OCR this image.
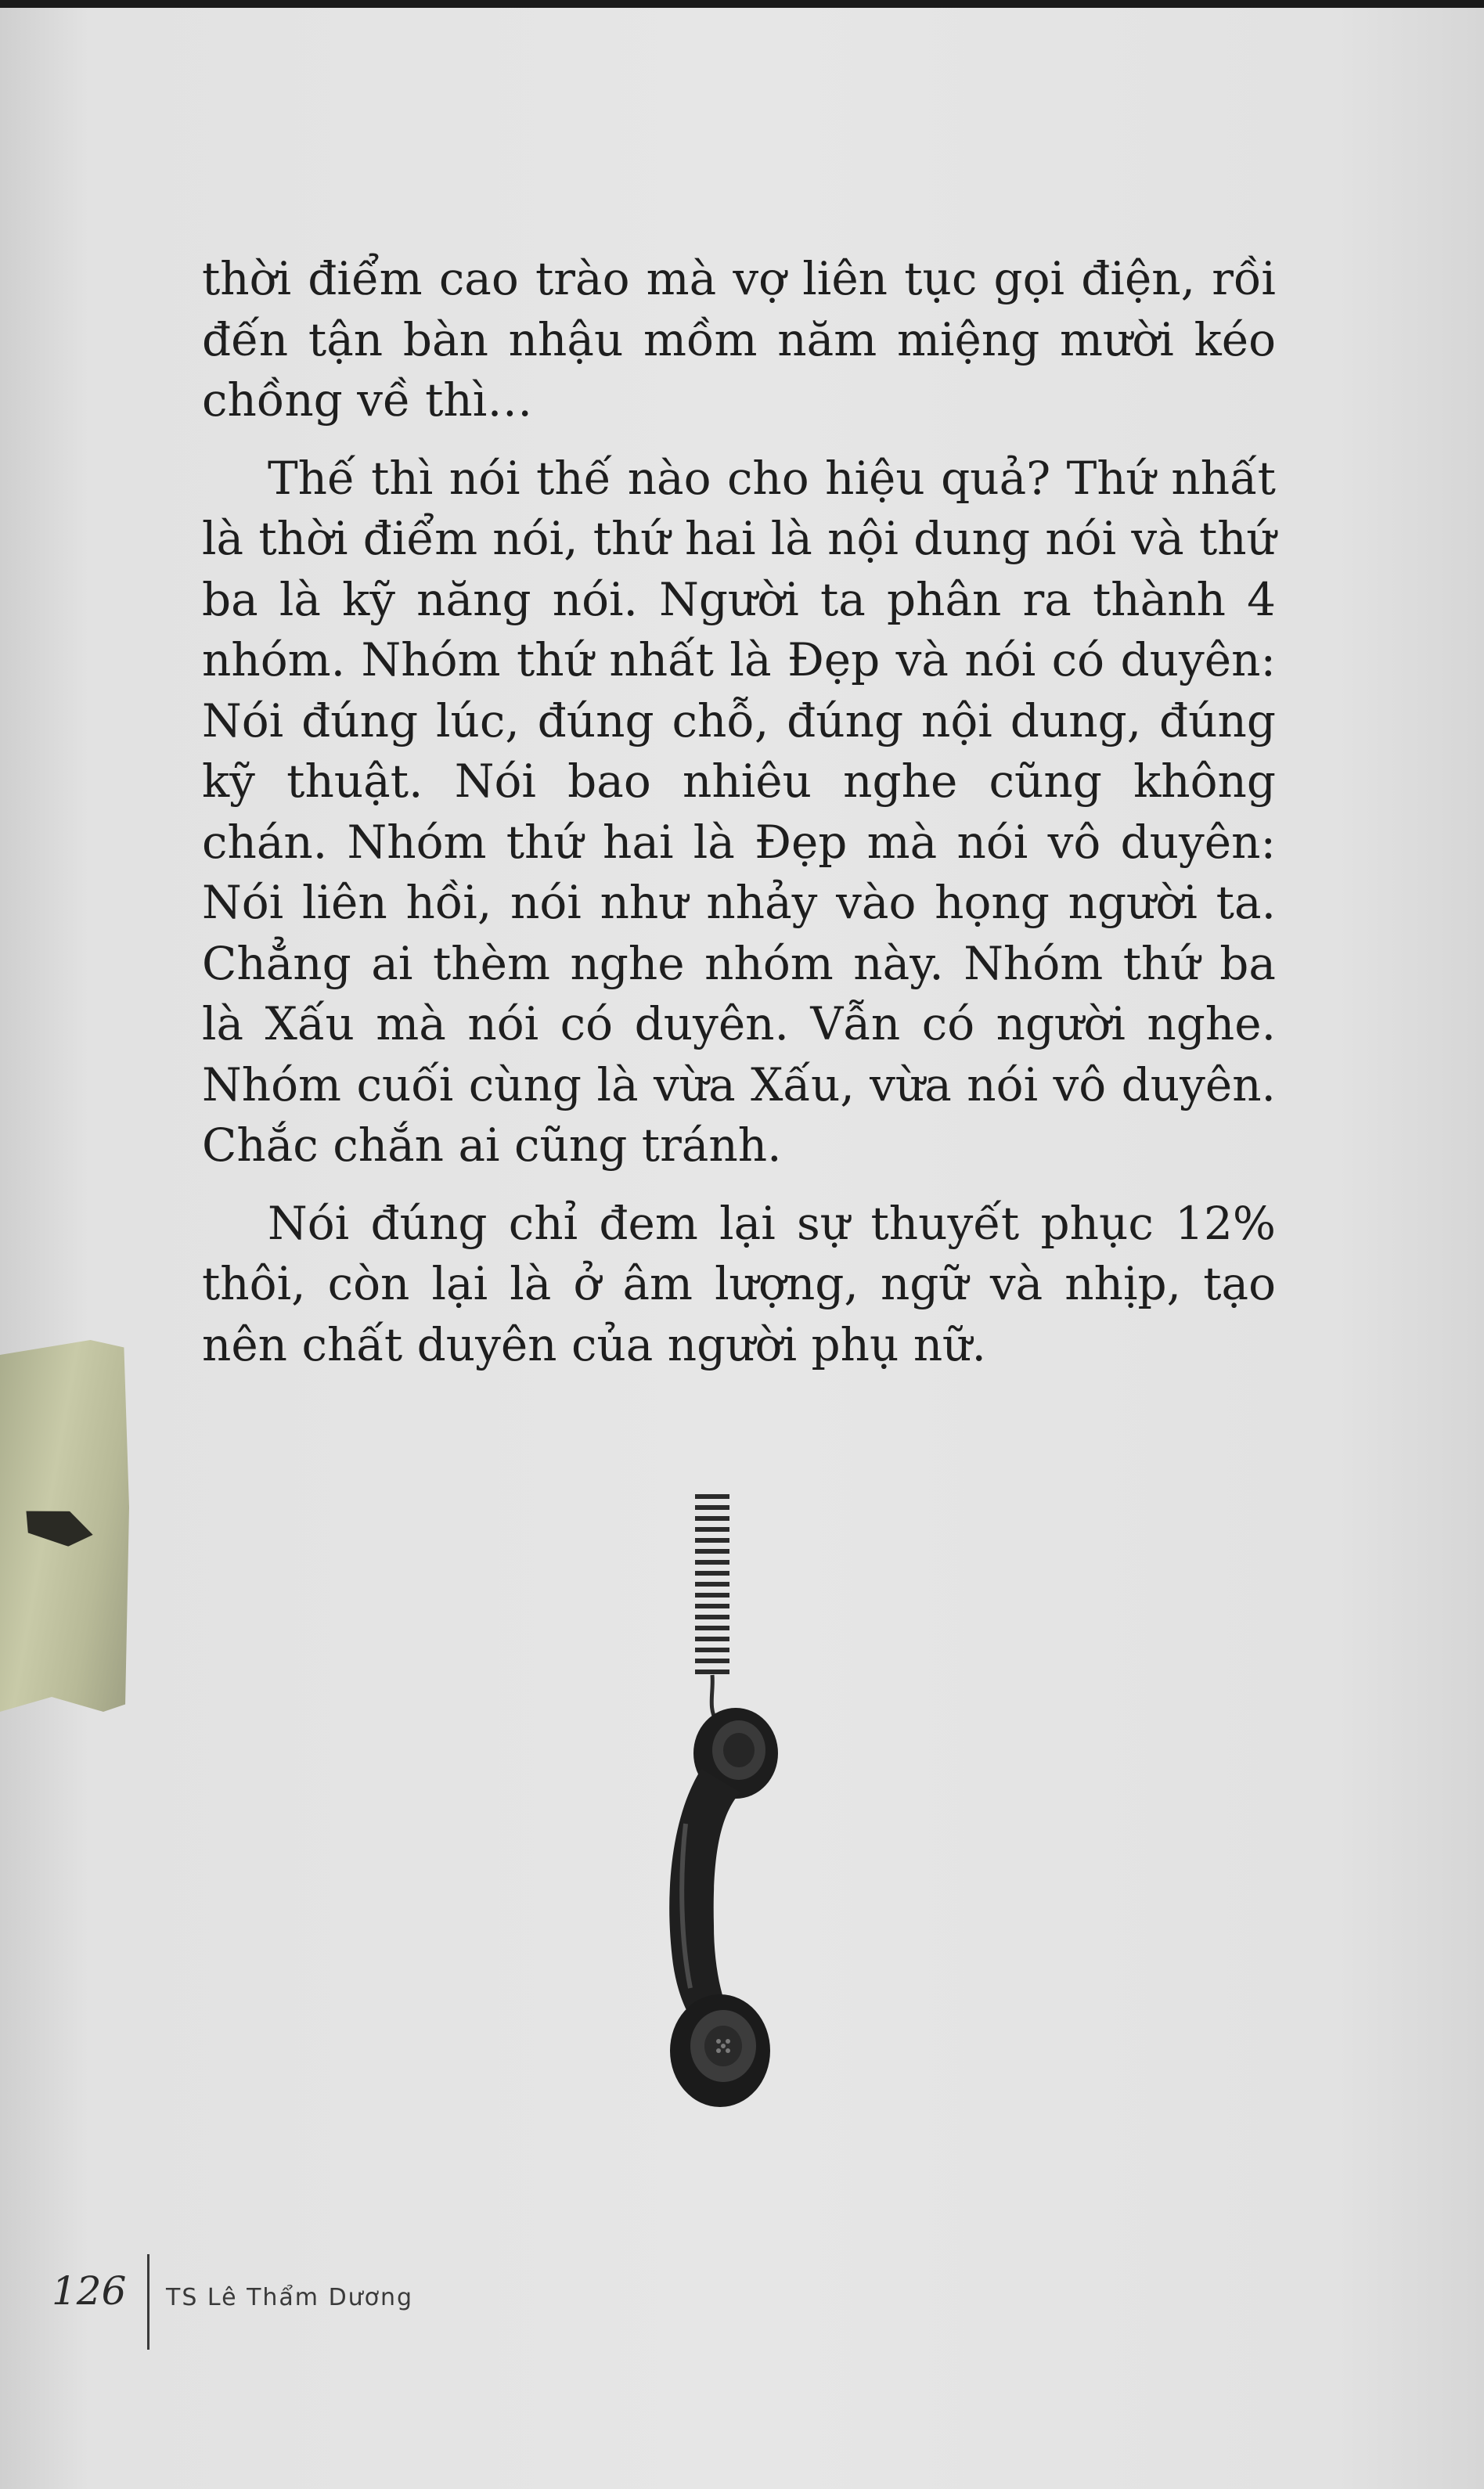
thời điểm cao trào mà vợ liên tục gọi điện, rồi đến tận bàn nhậu mồm năm miệng mười kéo chồng về thì…

Thế thì nói thế nào cho hiệu quả? Thứ nhất là thời điểm nói, thứ hai là nội dung nói và thứ ba là kỹ năng nói. Người ta phân ra thành 4 nhóm. Nhóm thứ nhất là Đẹp và nói có duyên: Nói đúng lúc, đúng chỗ, đúng nội dung, đúng kỹ thuật. Nói bao nhiêu nghe cũng không chán. Nhóm thứ hai là Đẹp mà nói vô duyên: Nói liên hồi, nói như nhảy vào họng người ta. Chẳng ai thèm nghe nhóm này. Nhóm thứ ba là Xấu mà nói có duyên. Vẫn có người nghe. Nhóm cuối cùng là vừa Xấu, vừa nói vô duyên. Chắc chắn ai cũng tránh.

Nói đúng chỉ đem lại sự thuyết phục 12% thôi, còn lại là ở âm lượng, ngữ và nhịp, tạo nên chất duyên của người phụ nữ.

126 TS Lê Thẩm Dương
